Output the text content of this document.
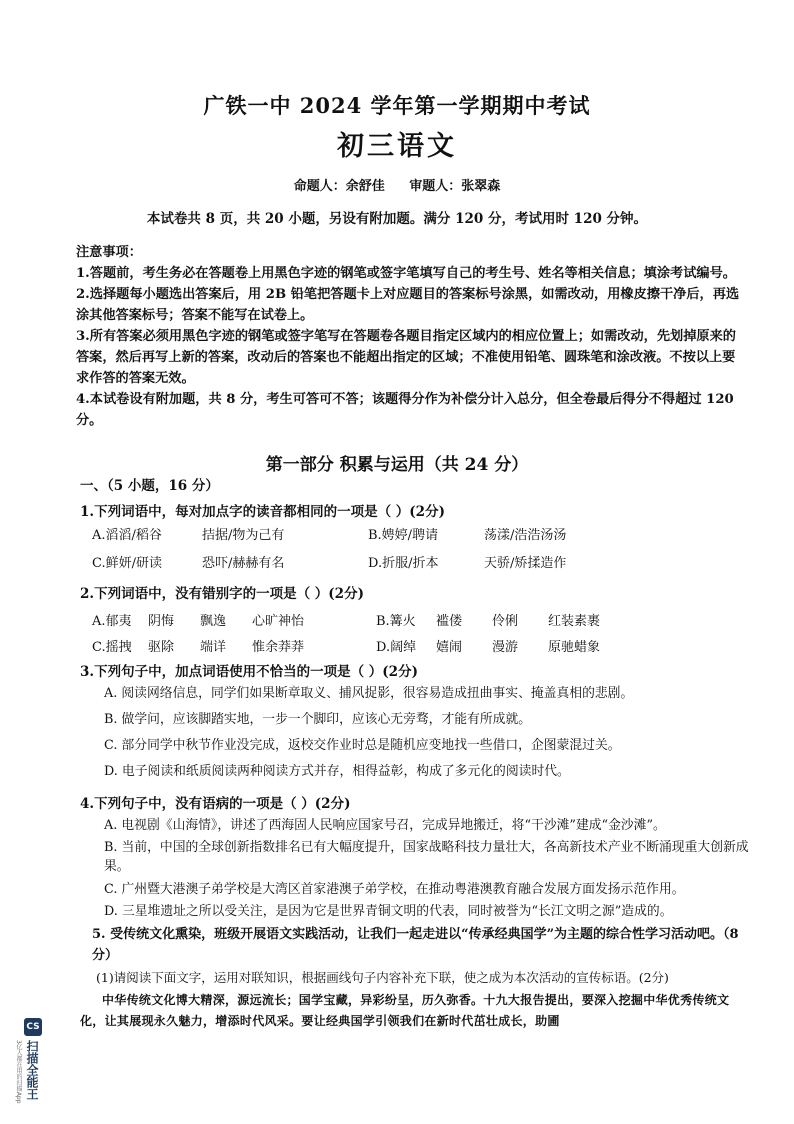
广铁一中 2024 学年第一学期期中考试
初三语文
命题人：余舒佳 审题人：张翠森
本试卷共 8 页，共 20 小题，另设有附加题。满分 120 分，考试用时 120 分钟。

注意事项：

1.答题前，考生务必在答题卷上用黑色字迹的钢笔或签字笔填写自己的考生号、姓名等相关信息；填涂考试编号。

2.选择题每小题选出答案后，用 2B 铅笔把答题卡上对应题目的答案标号涂黑，如需改动，用橡皮擦干净后，再选涂其他答案标号；答案不能写在试卷上。

3.所有答案必须用黑色字迹的钢笔或签字笔写在答题卷各题目指定区域内的相应位置上；如需改动，先划掉原来的答案，然后再写上新的答案，改动后的答案也不能超出指定的区域；不准使用铅笔、圆珠笔和涂改液。不按以上要求作答的答案无效。

4.本试卷设有附加题，共 8 分，考生可答可不答；该题得分作为补偿分计入总分，但全卷最后得分不得超过 120 分。

第一部分 积累与运用（共 24 分）
一、（5 小题，16 分）
1.下列词语中，每对加点字的读音都相同的一项是（ ）(2分)
A.滔滔/稻谷	拮据/物为己有	B.娉婷/聘请	荡漾/浩浩汤汤
C.鲜妍/研读	恐吓/赫赫有名	D.折服/折本	天骄/矫揉造作
2.下列词语中，没有错别字的一项是（ ）(2分)
A.郁夷	阴悔	飘逸	心旷神怡	B.篝火	褴偻	伶俐	红装素裹
C.摇拽	驱除	端详	惟余莽莽	D.阔绰	嬉闹	漫游	原驰蜡象
3.下列句子中，加点词语使用不恰当的一项是（ ）(2分)
A. 阅读网络信息，同学们如果断章取义、捕风捉影，很容易造成扭曲事实、掩盖真相的悲剧。
B. 做学问，应该脚踏实地，一步一个脚印，应该心无旁骛，才能有所成就。
C. 部分同学中秋节作业没完成，返校交作业时总是随机应变地找一些借口，企图蒙混过关。
D. 电子阅读和纸质阅读两种阅读方式并存，相得益彰，构成了多元化的阅读时代。
4.下列句子中，没有语病的一项是（ ）(2分)
A. 电视剧《山海情》，讲述了西海固人民响应国家号召，完成异地搬迁，将“干沙滩”建成“金沙滩”。
B. 当前，中国的全球创新指数排名已有大幅度提升，国家战略科技力量壮大，各高新技术产业不断涌现重大创新成果。
C. 广州暨大港澳子弟学校是大湾区首家港澳子弟学校，在推动粤港澳教育融合发展方面发扬示范作用。
D. 三星堆遗址之所以受关注，是因为它是世界青铜文明的代表，同时被誉为“长江文明之源”造成的。
5. 受传统文化熏染，班级开展语文实践活动，让我们一起走进以“传承经典国学”为主题的综合性学习活动吧。（8分）
(1)请阅读下面文字，运用对联知识，根据画线句子内容补充下联，使之成为本次活动的宣传标语。(2分)
中华传统文化博大精深，源远流长；国学宝藏，异彩纷呈，历久弥香。十九大报告提出，要深入挖掘中华优秀传统文化，让其展现永久魅力，增添时代风采。要让经典国学引领我们在新时代茁壮成长，助圃
CS
扫描全能王
3亿人都在用的扫描App
